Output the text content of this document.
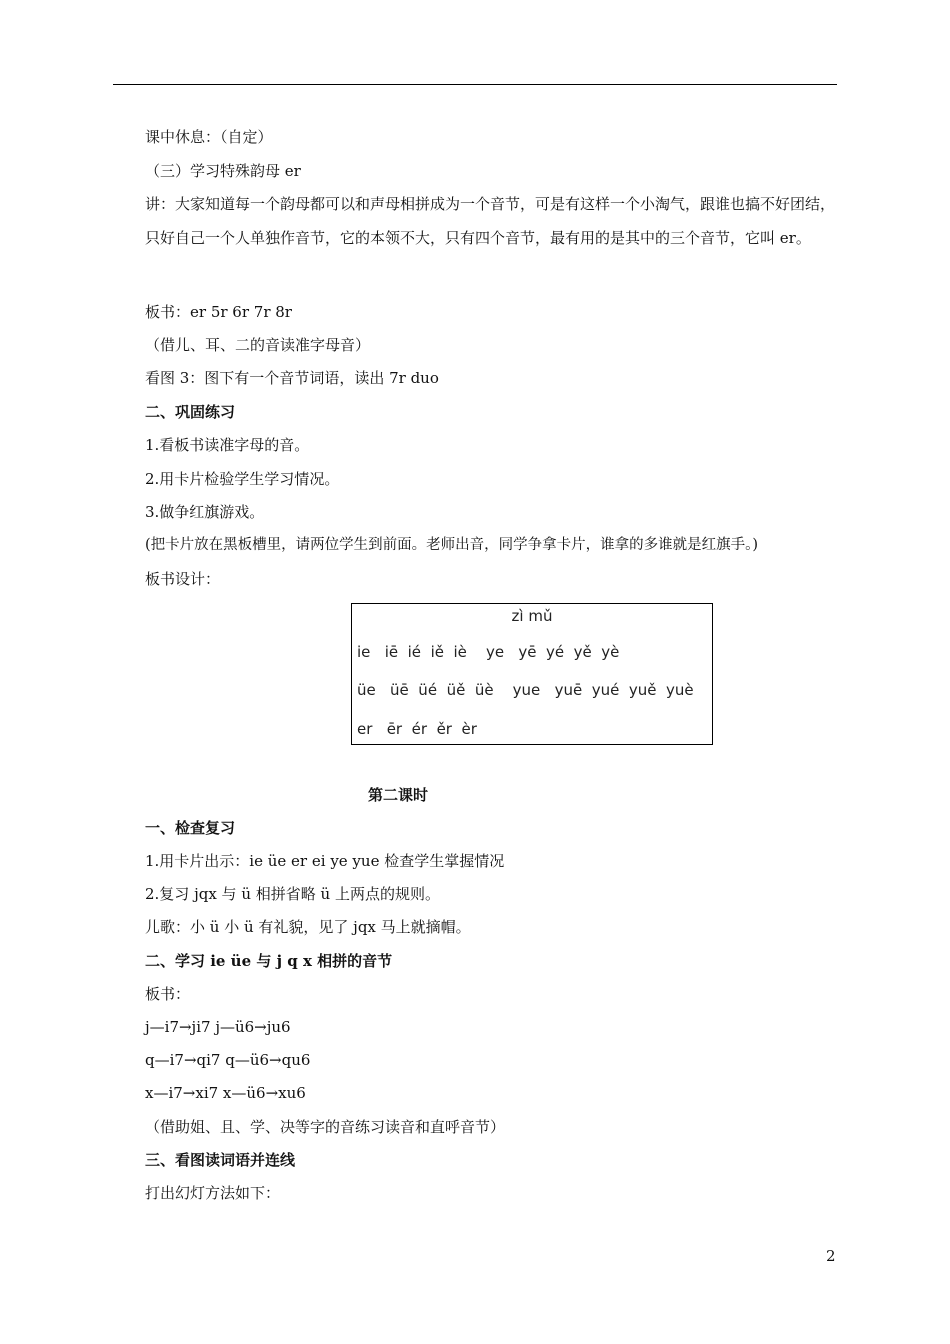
课中休息：（自定）
（三）学习特殊韵母 er
讲：大家知道每一个韵母都可以和声母相拼成为一个音节，可是有这样一个小淘气，跟谁也搞不好团结，只好自己一个人单独作音节，它的本领不大，只有四个音节，最有用的是其中的三个音节，它叫 er。
板书：er 5r 6r 7r 8r
（借儿、耳、二的音读准字母音）
看图 3：图下有一个音节词语，读出 7r duo
二、巩固练习
1.看板书读准字母的音。
2.用卡片检验学生学习情况。
3.做争红旗游戏。
(把卡片放在黑板槽里，请两位学生到前面。老师出音，同学争拿卡片，谁拿的多谁就是红旗手。)
板书设计：
zì mǔ
ie   iē  ié  iě  iè    ye   yē  yé  yě  yè
üe   üē  üé  üě  üè    yue   yuē  yué  yuě  yuè
er   ēr  ér  ěr  èr
第二课时
一、检查复习
1.用卡片出示：ie üe er ei ye yue 检查学生掌握情况
2.复习 jqx 与 ü 相拼省略 ü 上两点的规则。
儿歌：小 ü 小 ü 有礼貌，见了 jqx 马上就摘帽。
二、学习 ie üe 与 j q x 相拼的音节
板书：
j—i7→ji7 j—ü6→ju6
q—i7→qi7 q—ü6→qu6
x—i7→xi7 x—ü6→xu6
（借助姐、且、学、决等字的音练习读音和直呼音节）
三、看图读词语并连线
打出幻灯方法如下：
2
